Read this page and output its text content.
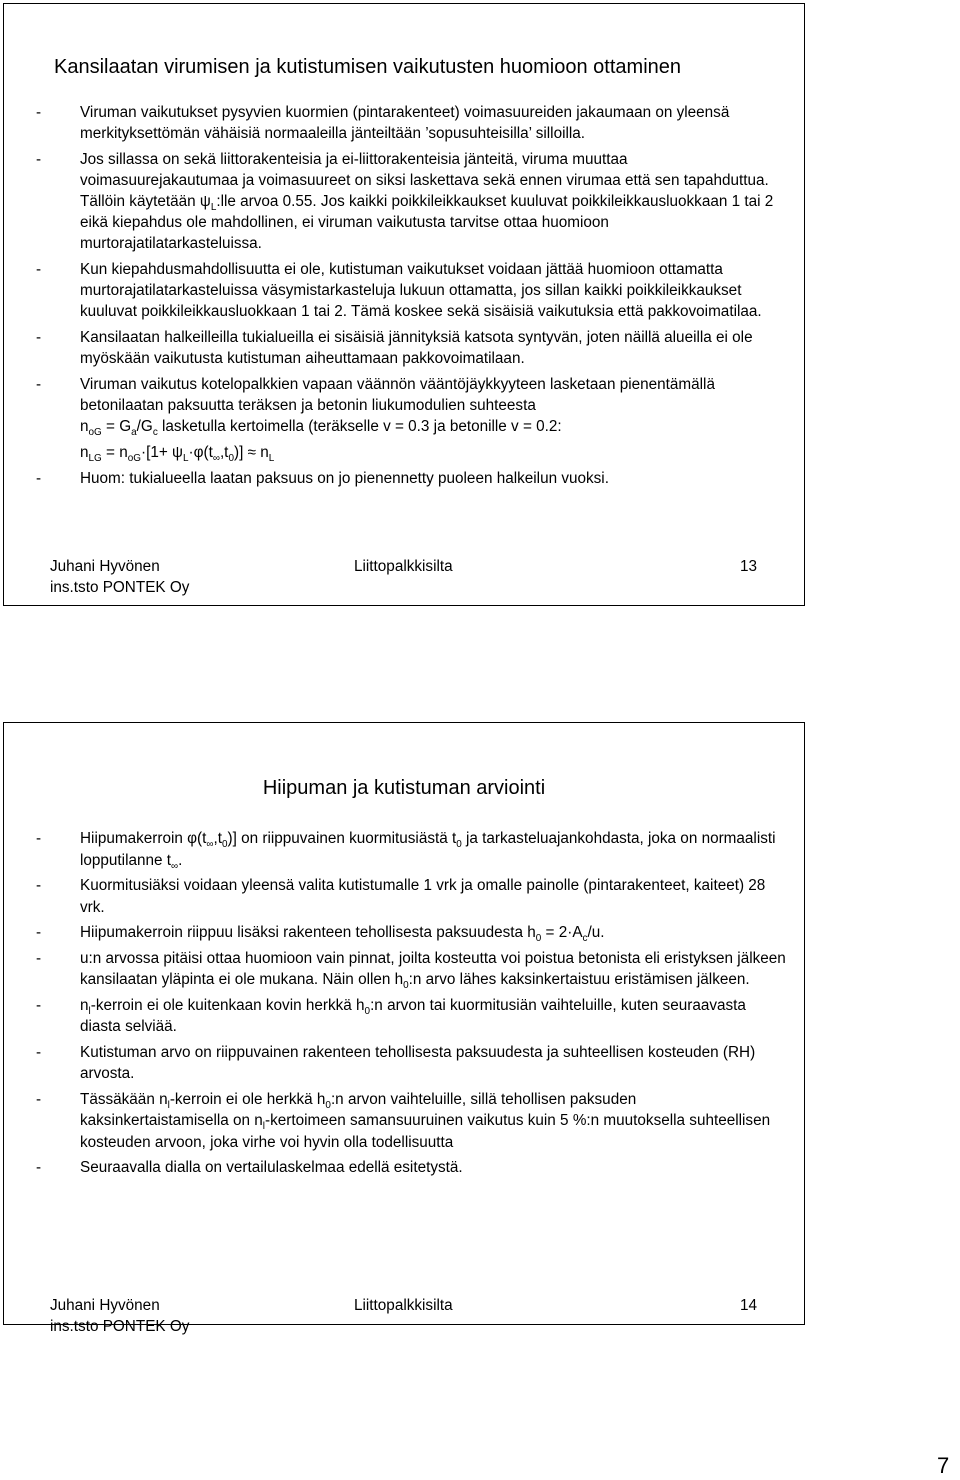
Kansilaatan virumisen ja kutistumisen vaikutusten huomioon ottaminen
-	Viruman vaikutukset pysyvien kuormien (pintarakenteet) voimasuureiden jakaumaan on yleensä merkityksettömän vähäisiä normaaleilla jänteiltään ’sopusuhteisilla’ silloilla.
-	Jos sillassa on sekä liittorakenteisia ja ei-liittorakenteisia jänteitä, viruma muuttaa voimasuurejakautumaa ja voimasuureet on siksi laskettava sekä ennen virumaa että sen tapahduttua. Tällöin käytetään $\psi_L:lle$ arvoa 0.55. Jos kaikki poikkileikkaukset kuuluvat poikkileikkausluokkaan 1 tai 2 eikä kiepahdus ole mahdollinen, ei viruman vaikutusta tarvitse ottaa huomioon murtorajatilatarkasteluissa.
-	Kun kiepahdusmahdollisuutta ei ole, kutistuman vaikutukset voidaan jättää huomioon ottamatta murtorajatilatarkasteluissa väsymistarkasteluja lukuun ottamatta, jos sillan kaikki poikkileikkaukset kuuluvat poikkileikkausluokkaan 1 tai 2. Tämä koskee sekä sisäisiä vaikutuksia että pakkovoimatilaa.
-	Kansilaatan halkeilleilla tukialueilla ei sisäisiä jännityksiä katsota syntyvän, joten näillä alueilla ei ole myöskään vaikutusta kutistuman aiheuttamaan pakkovoimatilaan.
-	Viruman vaikutus kotelopalkkien vapaan väännön vääntöjäykkyyteen lasketaan pienentämällä betonilaatan paksuutta teräksen ja betonin liukumodulien suhteesta
$n_{oG} = G_a/G_c$ lasketulla kertoimella (teräkselle v = 0.3 ja betonille v = 0.2:
$n_{LG} = n_{oG}\cdot[1+ \psi_L\cdot\varphi(t_\infty,t_0)] \approx n_L$
-	Huom: tukialueella laatan paksuus on jo pienennetty puoleen halkeilun vuoksi.
Juhani Hyvönen
ins.tsto PONTEK Oy
Liittopalkkisilta	13
Hiipuman ja kutistuman arviointi
-	Hiipumakerroin $\varphi(t_\infty,t_0)$] on riippuvainen kuormitusiästä $t_0$ ja tarkasteluajankohdasta, joka on normaalisti lopputilanne $t_\infty$.
-	Kuormitusiäksi voidaan yleensä valita kutistumalle 1 vrk ja omalle painolle (pintarakenteet, kaiteet) 28 vrk.
-	Hiipumakerroin riippuu lisäksi rakenteen tehollisesta paksuudesta $h_0 = 2\cdot A_c/u$.
-	u:n arvossa pitäisi ottaa huomioon vain pinnat, joilta kosteutta voi poistua betonista eli eristyksen jälkeen kansilaatan yläpinta ei ole mukana. Näin ollen $h_0:n$ arvo lähes kaksinkertaistuu eristämisen jälkeen.
-	$n_l$-kerroin ei ole kuitenkaan kovin herkkä $h_0:n$ arvon tai kuormitusiän vaihteluille, kuten seuraavasta diasta selviää.
-	Kutistuman arvo on riippuvainen rakenteen tehollisesta paksuudesta ja suhteellisen kosteuden (RH) arvosta.
-	Tässäkään $n_l$-kerroin ei ole herkkä $h_0:n$ arvon vaihteluille, sillä tehollisen paksuden kaksinkertaistamisella on $n_l$-kertoimeen samansuuruinen vaikutus kuin 5 %:n muutoksella suhteellisen kosteuden arvoon, joka virhe voi hyvin olla todellisuutta
-	Seuraavalla dialla on vertailulaskelmaa edellä esitetystä.
Juhani Hyvönen
ins.tsto PONTEK Oy
Liittopalkkisilta	14
7
